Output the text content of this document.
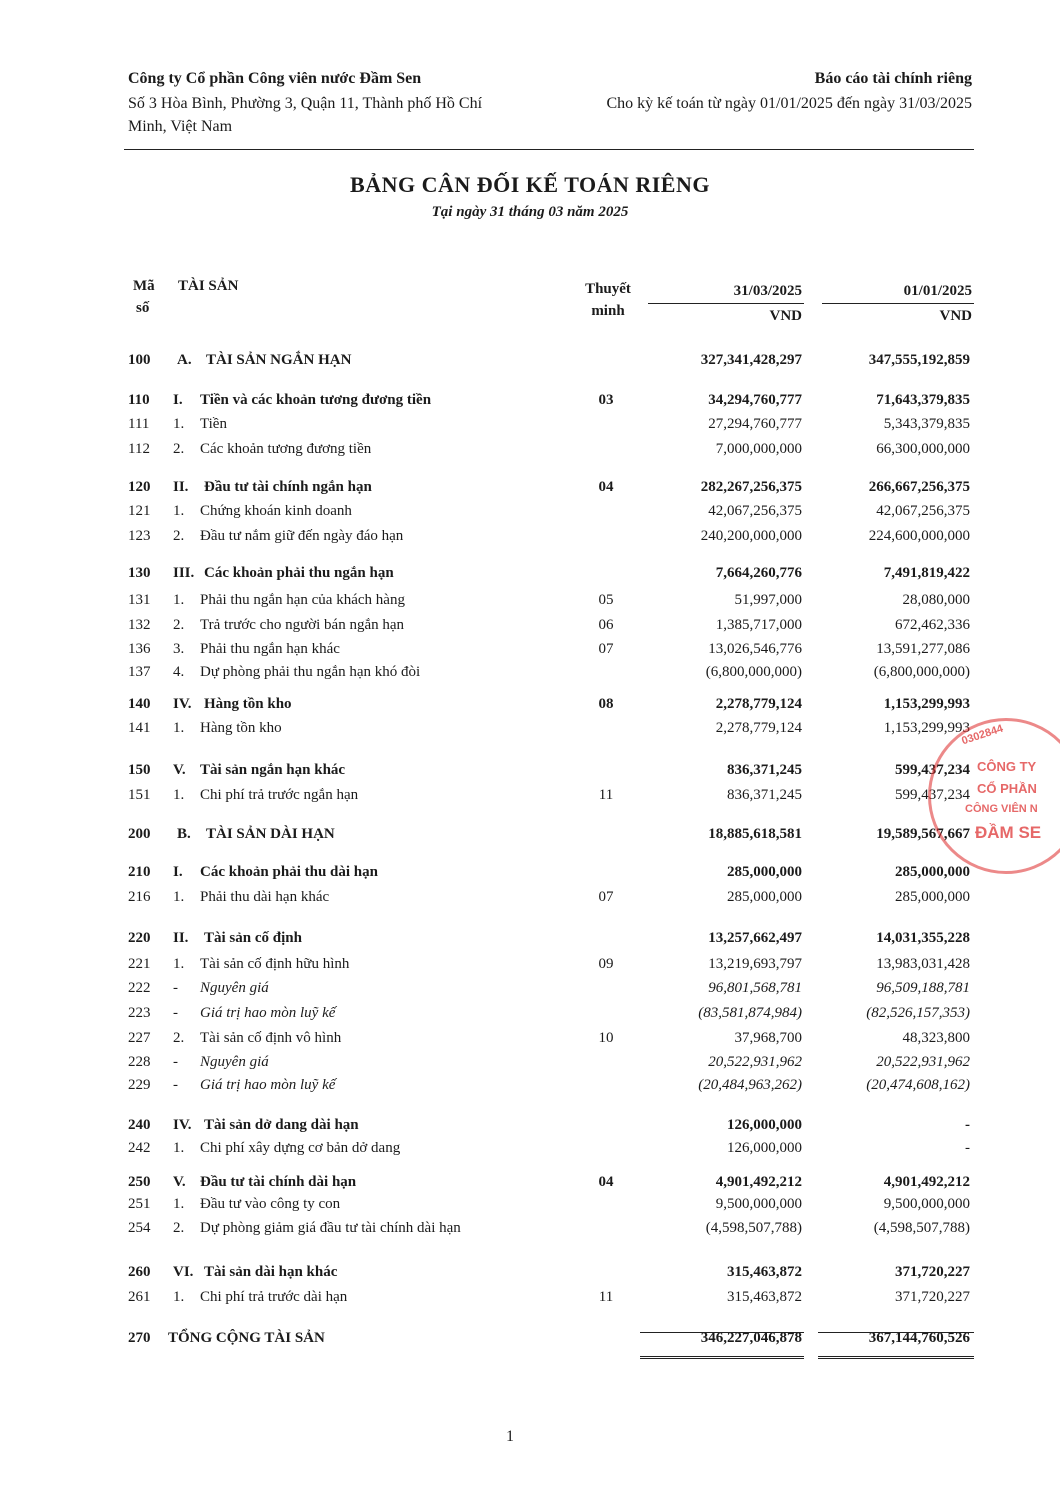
Công ty Cổ phần Công viên nước Đầm Sen
Số 3 Hòa Bình, Phường 3, Quận 11, Thành phố Hồ Chí
Minh, Việt Nam
Báo cáo tài chính riêng
Cho kỳ kế toán từ ngày 01/01/2025 đến ngày 31/03/2025
BẢNG CÂN ĐỐI KẾ TOÁN RIÊNG
Tại ngày 31 tháng 03 năm 2025
Mã
số
TÀI SẢN	Thuyết
minh
31/03/2025	01/01/2025
VND	VND
100	A. TÀI SẢN NGẮN HẠN	327,341,428,297	347,555,192,859
110	I. Tiền và các khoản tương đương tiền	03	34,294,760,777	71,643,379,835
111	1. Tiền	27,294,760,777	5,343,379,835
112	2. Các khoản tương đương tiền	7,000,000,000	66,300,000,000
120	II. Đầu tư tài chính ngắn hạn	04	282,267,256,375	266,667,256,375
121	1. Chứng khoán kinh doanh	42,067,256,375	42,067,256,375
123	2. Đầu tư nắm giữ đến ngày đáo hạn	240,200,000,000	224,600,000,000
130	III. Các khoản phải thu ngắn hạn	7,664,260,776	7,491,819,422
131	1. Phải thu ngắn hạn của khách hàng	05	51,997,000	28,080,000
132	2. Trả trước cho người bán ngắn hạn	06	1,385,717,000	672,462,336
136	3. Phải thu ngắn hạn khác	07	13,026,546,776	13,591,277,086
137	4. Dự phòng phải thu ngắn hạn khó đòi	(6,800,000,000)	(6,800,000,000)
140	IV. Hàng tồn kho	08	2,278,779,124	1,153,299,993
141	1. Hàng tồn kho	2,278,779,124	1,153,299,993
150	V. Tài sản ngắn hạn khác	836,371,245	599,437,234
151	1. Chi phí trả trước ngắn hạn	11	836,371,245	599,437,234
200	B. TÀI SẢN DÀI HẠN	18,885,618,581	19,589,567,667
210	I. Các khoản phải thu dài hạn	285,000,000	285,000,000
216	1. Phải thu dài hạn khác	07	285,000,000	285,000,000
220	II. Tài sản cố định	13,257,662,497	14,031,355,228
221	1. Tài sản cố định hữu hình	09	13,219,693,797	13,983,031,428
222	- Nguyên giá	96,801,568,781	96,509,188,781
223	- Giá trị hao mòn luỹ kế	(83,581,874,984)	(82,526,157,353)
227	2. Tài sản cố định vô hình	10	37,968,700	48,323,800
228	- Nguyên giá	20,522,931,962	20,522,931,962
229	- Giá trị hao mòn luỹ kế	(20,484,963,262)	(20,474,608,162)
240	IV. Tài sản dở dang dài hạn	126,000,000	-
242	1. Chi phí xây dựng cơ bản dở dang	126,000,000	-
250	V. Đầu tư tài chính dài hạn	04	4,901,492,212	4,901,492,212
251	1. Đầu tư vào công ty con	9,500,000,000	9,500,000,000
254	2. Dự phòng giảm giá đầu tư tài chính dài hạn	(4,598,507,788)	(4,598,507,788)
260	VI. Tài sản dài hạn khác	315,463,872	371,720,227
261	1. Chi phí trả trước dài hạn	11	315,463,872	371,720,227
270	TỔNG CỘNG TÀI SẢN	346,227,046,878	367,144,760,526
0302844
CÔNG TY
CỔ PHẦN
CÔNG VIÊN N
ĐẦM SE
1
